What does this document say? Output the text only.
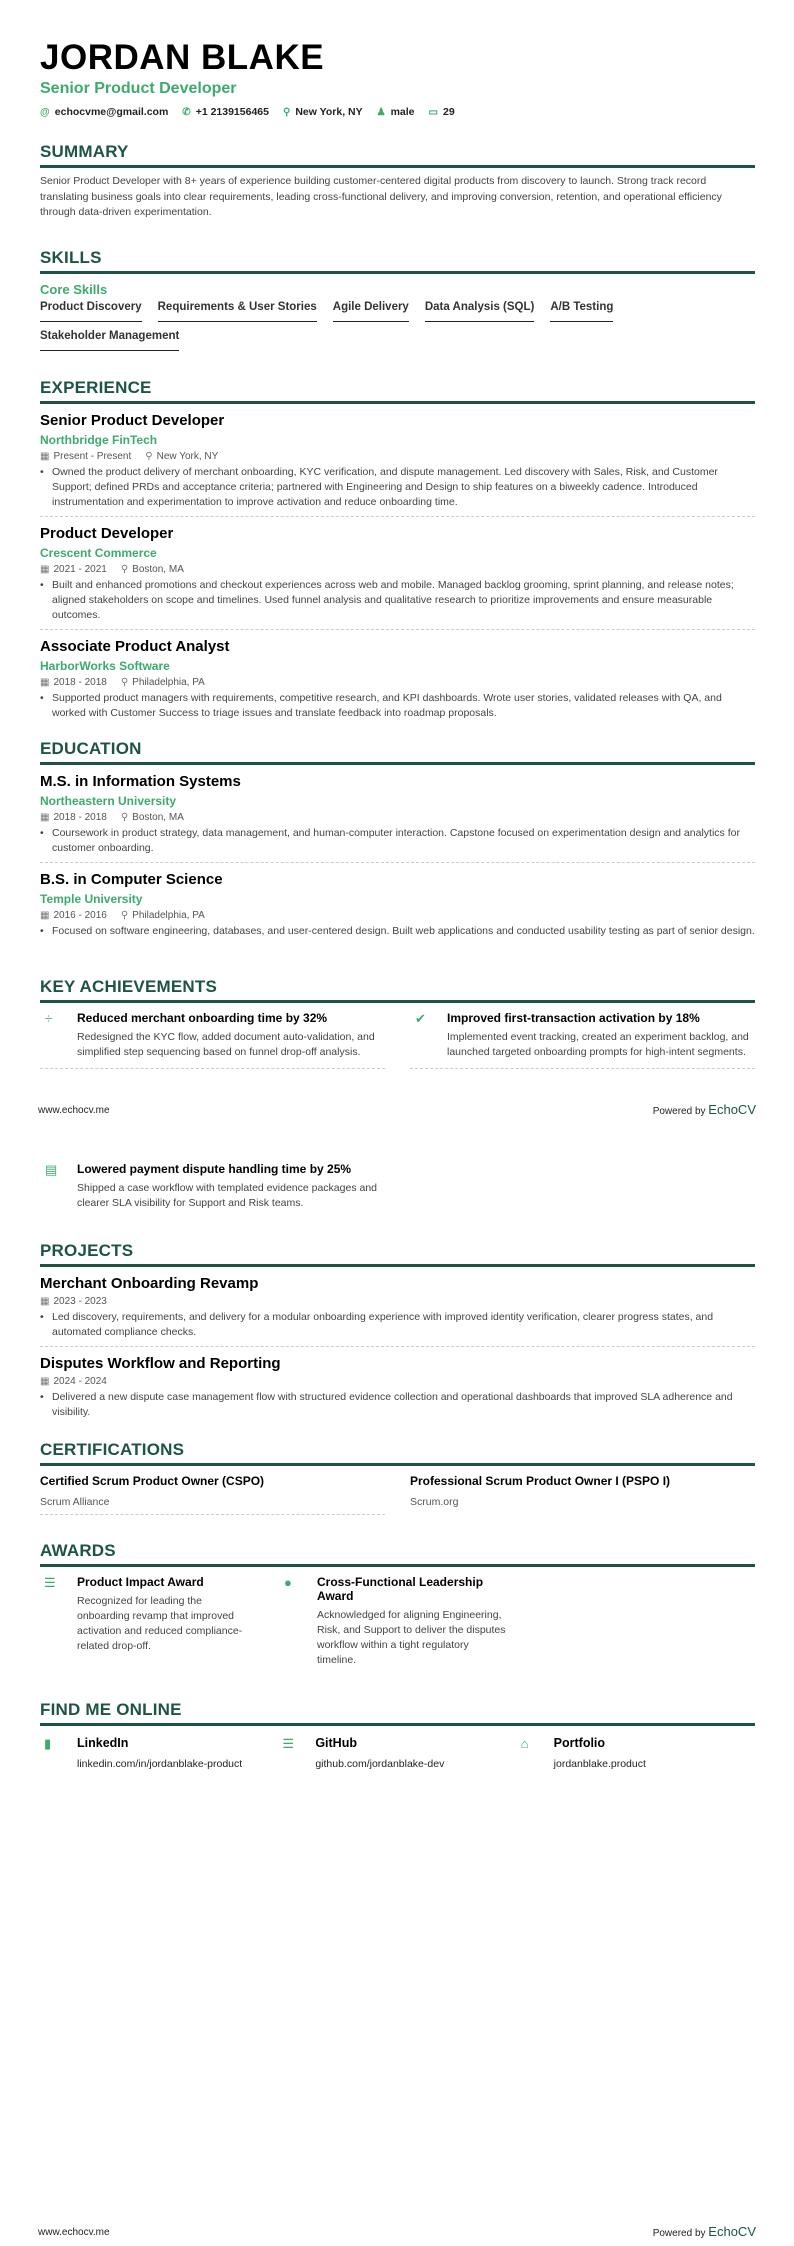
JORDAN BLAKE
Senior Product Developer
@ echocvme@gmail.com ✆ +1 2139156465 ⚲ New York, NY ♟ male ▭ 29
SUMMARY
Senior Product Developer with 8+ years of experience building customer-centered digital products from discovery to launch. Strong track record translating business goals into clear requirements, leading cross-functional delivery, and improving conversion, retention, and operational efficiency through data-driven experimentation.
SKILLS
Core Skills
Product Discovery Requirements & User Stories Agile Delivery Data Analysis (SQL) A/B Testing
Stakeholder Management
EXPERIENCE
Senior Product Developer
Northbridge FinTech
▦ Present - Present ⚲ New York, NY
• Owned the product delivery of merchant onboarding, KYC verification, and dispute management. Led discovery with Sales, Risk, and Customer Support; defined PRDs and acceptance criteria; partnered with Engineering and Design to ship features on a biweekly cadence. Introduced instrumentation and experimentation to improve activation and reduce onboarding time.
Product Developer
Crescent Commerce
▦ 2021 - 2021 ⚲ Boston, MA
• Built and enhanced promotions and checkout experiences across web and mobile. Managed backlog grooming, sprint planning, and release notes; aligned stakeholders on scope and timelines. Used funnel analysis and qualitative research to prioritize improvements and ensure measurable outcomes.
Associate Product Analyst
HarborWorks Software
▦ 2018 - 2018 ⚲ Philadelphia, PA
• Supported product managers with requirements, competitive research, and KPI dashboards. Wrote user stories, validated releases with QA, and worked with Customer Success to triage issues and translate feedback into roadmap proposals.
EDUCATION
M.S. in Information Systems
Northeastern University
▦ 2018 - 2018 ⚲ Boston, MA
• Coursework in product strategy, data management, and human-computer interaction. Capstone focused on experimentation design and analytics for customer onboarding.
B.S. in Computer Science
Temple University
▦ 2016 - 2016 ⚲ Philadelphia, PA
• Focused on software engineering, databases, and user-centered design. Built web applications and conducted usability testing as part of senior design.
KEY ACHIEVEMENTS
÷	Reduced merchant onboarding time by 32%
Redesigned the KYC flow, added document auto-validation, and simplified step sequencing based on funnel drop-off analysis.
✔	Improved first-transaction activation by 18%
Implemented event tracking, created an experiment backlog, and launched targeted onboarding prompts for high-intent segments.
www.echocv.me	Powered by EchoCV
▤	Lowered payment dispute handling time by 25%
Shipped a case workflow with templated evidence packages and clearer SLA visibility for Support and Risk teams.
PROJECTS
Merchant Onboarding Revamp
▦ 2023 - 2023
• Led discovery, requirements, and delivery for a modular onboarding experience with improved identity verification, clearer progress states, and automated compliance checks.
Disputes Workflow and Reporting
▦ 2024 - 2024
• Delivered a new dispute case management flow with structured evidence collection and operational dashboards that improved SLA adherence and visibility.
CERTIFICATIONS
Certified Scrum Product Owner (CSPO)
Scrum Alliance
Professional Scrum Product Owner I (PSPO I)
Scrum.org
AWARDS
☰	Product Impact Award
Recognized for leading the onboarding revamp that improved activation and reduced compliance-related drop-off.
●	Cross-Functional Leadership Award
Acknowledged for aligning Engineering, Risk, and Support to deliver the disputes workflow within a tight regulatory timeline.
FIND ME ONLINE
▮	LinkedIn
linkedin.com/in/jordanblake-product
☰	GitHub
github.com/jordanblake-dev
⌂	Portfolio
jordanblake.product
www.echocv.me	Powered by EchoCV
